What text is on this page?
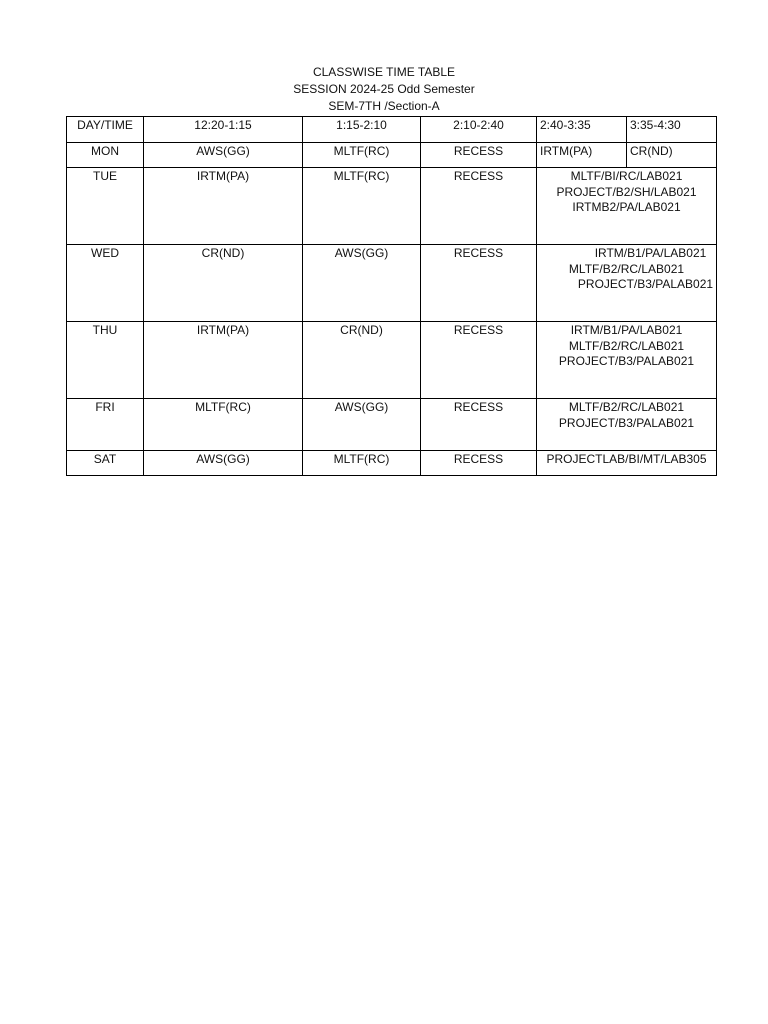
CLASSWISE TIME TABLE
SESSION 2024-25 Odd Semester
SEM-7TH /Section-A
DAY/TIME	12:20-1:15	1:15-2:10	2:10-2:40	2:40-3:35	3:35-4:30
MON	AWS(GG)	MLTF(RC)	RECESS	IRTM(PA)	CR(ND)
TUE	IRTM(PA)	MLTF(RC)	RECESS	MLTF/BI/RC/LAB021
PROJECT/B2/SH/LAB021
IRTMB2/PA/LAB021	

WED	CR(ND)	AWS(GG)	RECESS	IRTM/B1/PA/LAB021
MLTF/B2/RC/LAB021
PROJECT/B3/PALAB021	

THU	IRTM(PA)	CR(ND)	RECESS	IRTM/B1/PA/LAB021
MLTF/B2/RC/LAB021
PROJECT/B3/PALAB021	

FRI	MLTF(RC)	AWS(GG)	RECESS	MLTF/B2/RC/LAB021
PROJECT/B3/PALAB021	

SAT	AWS(GG)	MLTF(RC)	RECESS	PROJECTLAB/BI/MT/LAB305	
